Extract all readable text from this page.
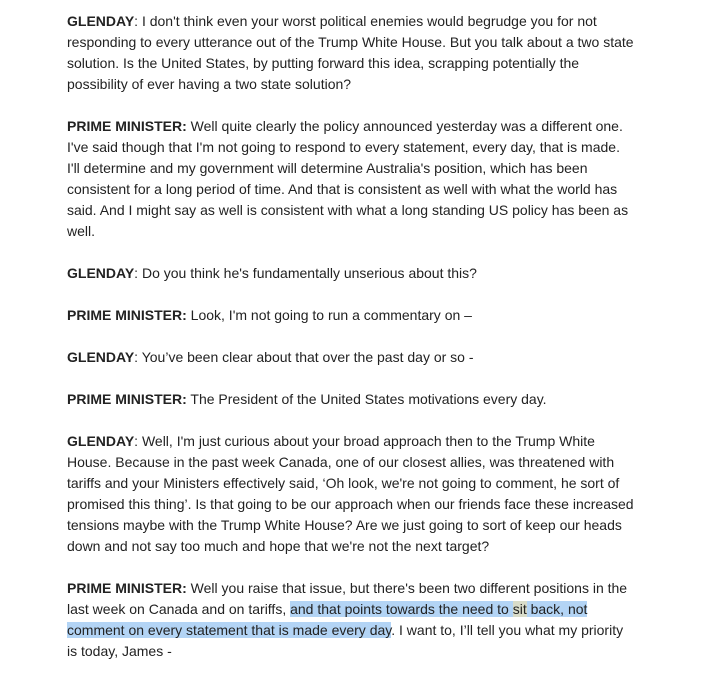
GLENDAY: I don't think even your worst political enemies would begrudge you for not responding to every utterance out of the Trump White House. But you talk about a two state solution. Is the United States, by putting forward this idea, scrapping potentially the possibility of ever having a two state solution?

PRIME MINISTER: Well quite clearly the policy announced yesterday was a different one. I've said though that I'm not going to respond to every statement, every day, that is made. I'll determine and my government will determine Australia's position, which has been consistent for a long period of time. And that is consistent as well with what the world has said. And I might say as well is consistent with what a long standing US policy has been as well.

GLENDAY: Do you think he's fundamentally unserious about this?

PRIME MINISTER: Look, I'm not going to run a commentary on –

GLENDAY: You’ve been clear about that over the past day or so -

PRIME MINISTER: The President of the United States motivations every day.

GLENDAY: Well, I'm just curious about your broad approach then to the Trump White House. Because in the past week Canada, one of our closest allies, was threatened with tariffs and your Ministers effectively said, ‘Oh look, we're not going to comment, he sort of promised this thing’. Is that going to be our approach when our friends face these increased tensions maybe with the Trump White House? Are we just going to sort of keep our heads down and not say too much and hope that we're not the next target?

PRIME MINISTER: Well you raise that issue, but there's been two different positions in the last week on Canada and on tariffs, and that points towards the need to sit back, not comment on every statement that is made every day. I want to, I’ll tell you what my priority is today, James -
